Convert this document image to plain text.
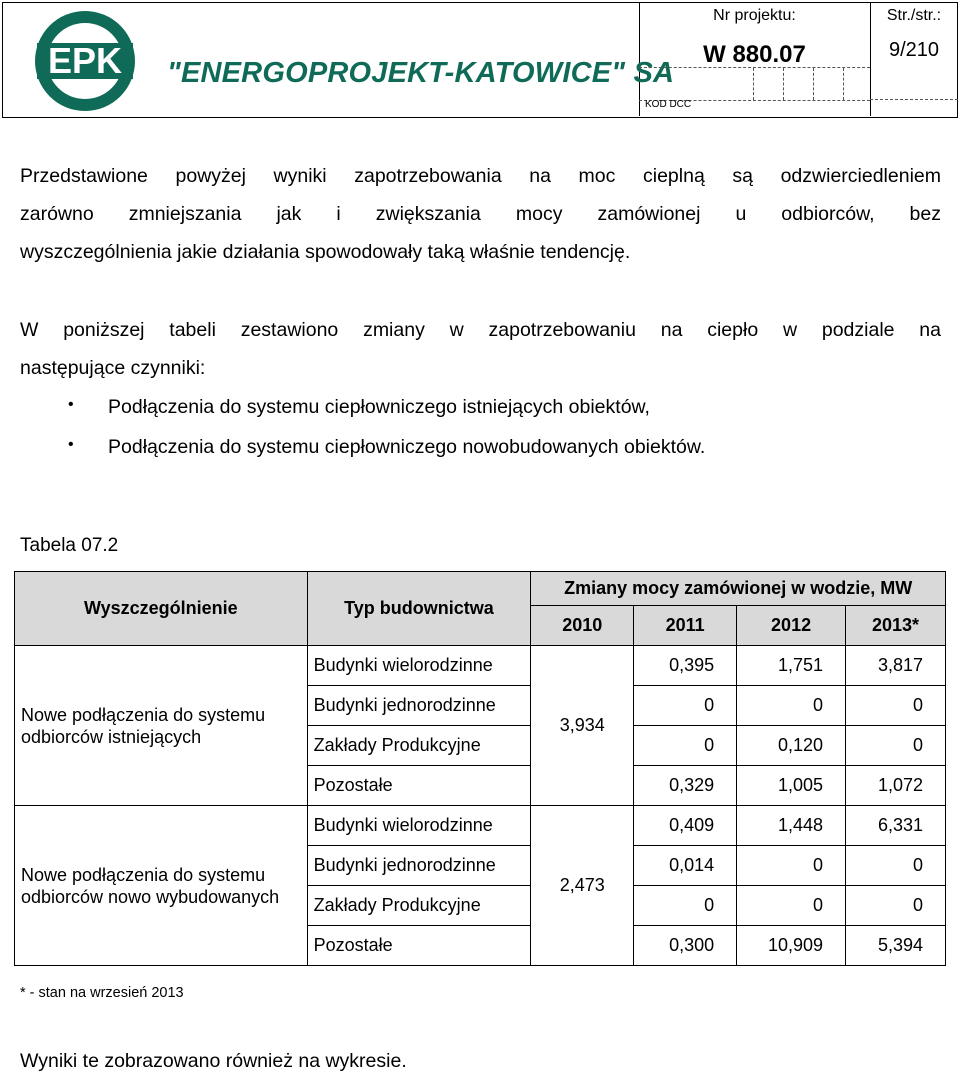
EPK "ENERGOPROJEKT-KATOWICE" SA
Nr projektu:
W 880.07
KOD DCC
Str./str.:
9/210
Przedstawione powyżej wyniki zapotrzebowania na moc cieplną są odzwierciedleniem
zarówno zmniejszania jak i zwiększania mocy zamówionej u odbiorców, bez
wyszczególnienia jakie działania spowodowały taką właśnie tendencję.
W poniższej tabeli zestawiono zmiany w zapotrzebowaniu na ciepło w podziale na
następujące czynniki:
• Podłączenia do systemu ciepłowniczego istniejących obiektów,
• Podłączenia do systemu ciepłowniczego nowobudowanych obiektów.
Tabela 07.2
Wyszczególnienie	Typ budownictwa	Zmiany mocy zamówionej w wodzie, MW			
		2010	2011	2012	2013*
Nowe podłączenia do systemu odbiorców istniejących	Budynki wielorodzinne	3,934	0,395	1,751	3,817
	Budynki jednorodzinne		0	0	0
	Zakłady Produkcyjne		0	0,120	0
	Pozostałe		0,329	1,005	1,072
Nowe podłączenia do systemu odbiorców nowo wybudowanych	Budynki wielorodzinne	2,473	0,409	1,448	6,331
	Budynki jednorodzinne		0,014	0	0
	Zakłady Produkcyjne		0	0	0
	Pozostałe		0,300	10,909	5,394
* - stan na wrzesień 2013
Wyniki te zobrazowano również na wykresie.
